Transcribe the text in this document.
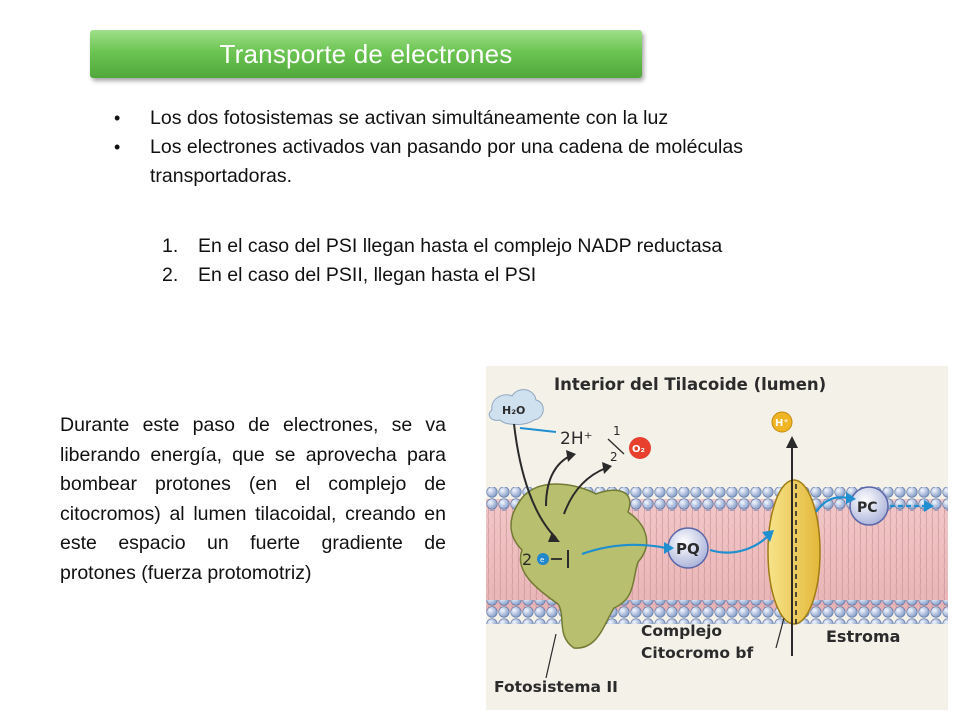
Transporte de electrones
• Los dos fotosistemas se activan simultáneamente con la luz
• Los electrones activados van pasando por una cadena de moléculas transportadoras.
1. En el caso del PSI llegan hasta el complejo NADP reductasa
2. En el caso del PSII, llegan hasta el PSI
Durante este paso de electrones, se va liberando energía, que se aprovecha para bombear protones (en el complejo de citocromos) al lumen tilacoidal, creando en este espacio un fuerte gradiente de protones (fuerza protomotriz)
H₂O
2H⁺ 1
2
O₂
Interior del Tilacoide (lumen)
H⁺
2 e
PQ
PC
Complejo
Citocromo bf
Estroma
Fotosistema II
